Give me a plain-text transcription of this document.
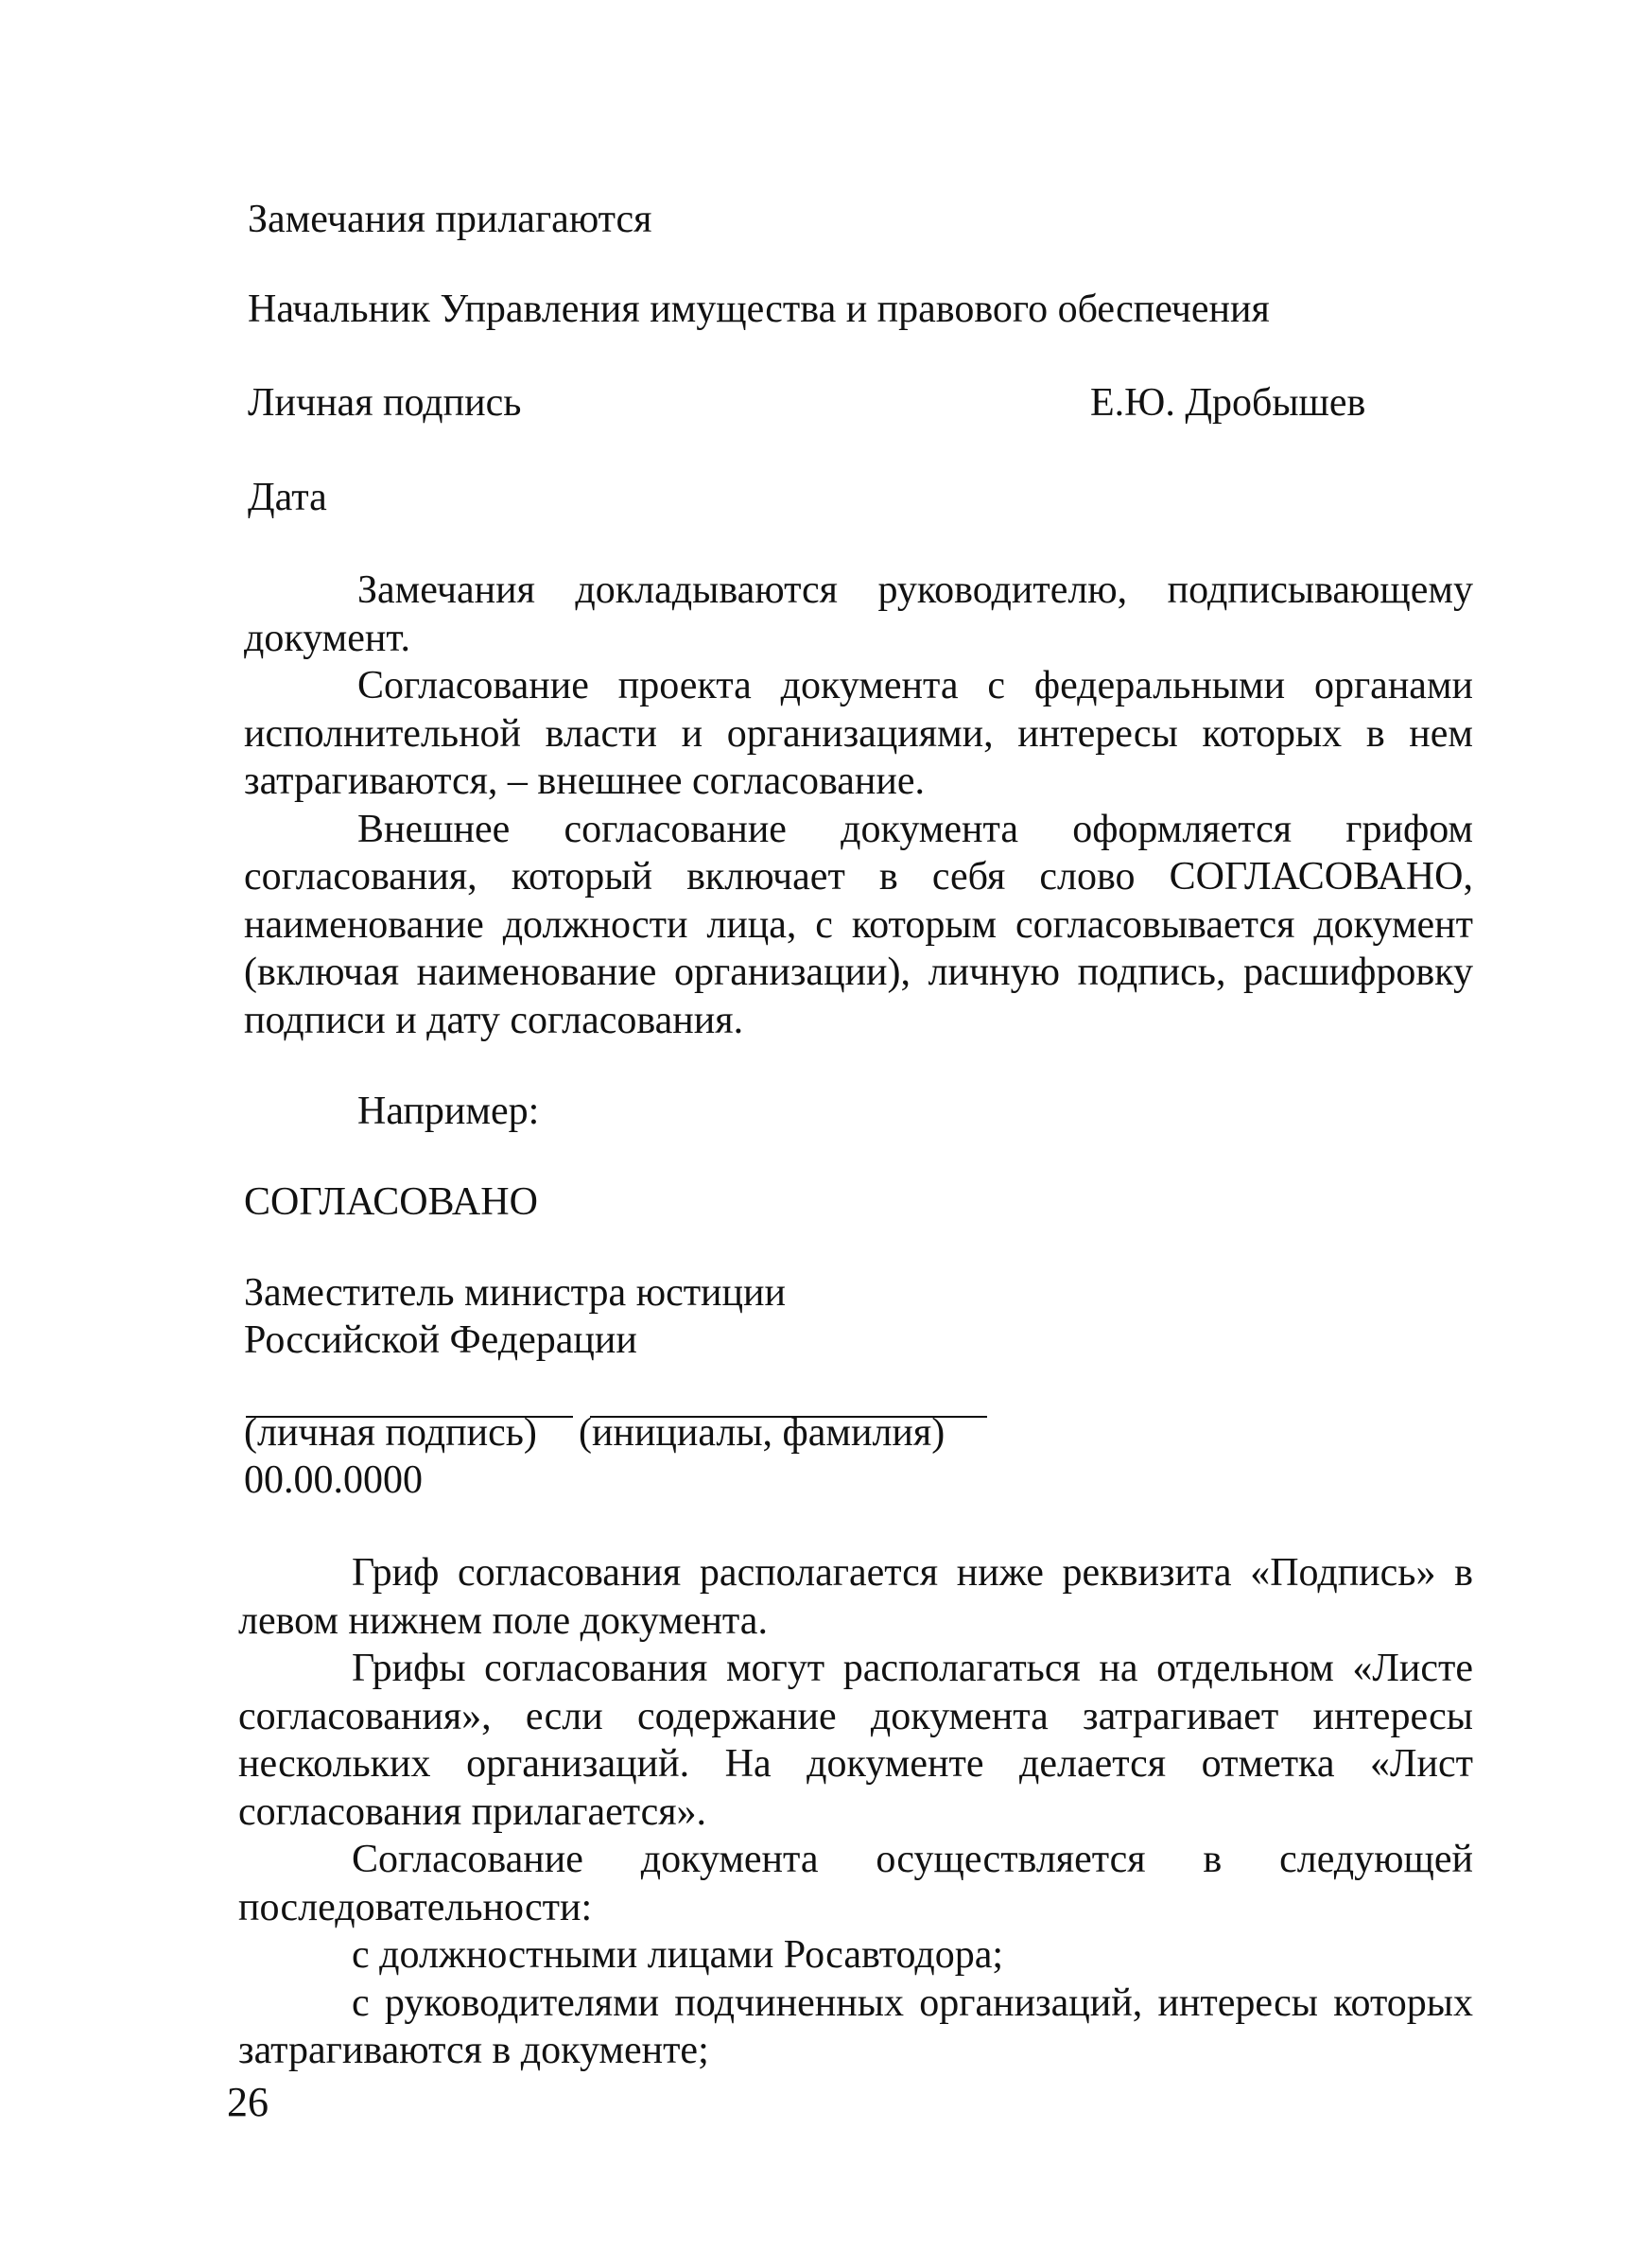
Замечания прилагаются
Начальник Управления имущества и правового обеспечения
Личная подпись	Е.Ю. Дробышев
Дата

Замечания докладываются руководителю, подписывающему документ.

Согласование проекта документа с федеральными органами исполнительной власти и организациями, интересы которых в нем затрагиваются, – внешнее согласование.

Внешнее согласование документа оформляется грифом согласования, который включает в себя слово СОГЛАСОВАНО, наименование должности лица, с которым согласовывается документ (включая наименование организации), личную подпись, расшифровку подписи и дату согласования.

Например:
СОГЛАСОВАНО
Заместитель министра юстиции
Российской Федерации
(личная подпись) (инициалы, фамилия)
00.00.0000

Гриф согласования располагается ниже реквизита «Подпись» в левом нижнем поле документа.

Грифы согласования могут располагаться на отдельном «Листе согласования», если содержание документа затрагивает интересы нескольких организаций. На документе делается отметка «Лист согласования прилагается».

Согласование документа осуществляется в следующей последовательности:

с должностными лицами Росавтодора;

с руководителями подчиненных организаций, интересы которых затрагиваются в документе;

26
